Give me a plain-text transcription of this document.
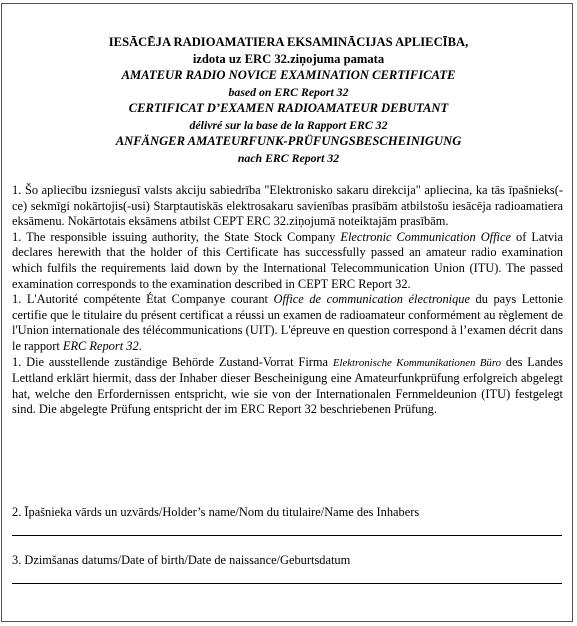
IESĀCĒJA RADIOAMATIERA EKSAMINĀCIJAS APLIECĪBA,
izdota uz ERC 32.ziņojuma pamata
AMATEUR RADIO NOVICE EXAMINATION CERTIFICATE
based on ERC Report 32
CERTIFICAT D’EXAMEN RADIOAMATEUR DEBUTANT
délivré sur la base de la Rapport ERC 32
ANFÄNGER AMATEURFUNK-PRÜFUNGSBESCHEINIGUNG
nach ERC Report 32

1. Šo apliecību izsniegusī valsts akciju sabiedrība "Elektronisko sakaru direkcija" apliecina, ka tās īpašnieks(-ce) sekmīgi nokārtojis(-usi) Starptautiskās elektrosakaru savienības prasībām atbilstošu iesācēja radioamatiera eksāmenu. Nokārtotais eksāmens atbilst CEPT ERC 32.ziņojumā noteiktajām prasībām.

1. The responsible issuing authority, the State Stock Company Electronic Communication Office of Latvia declares herewith that the holder of this Certificate has successfully passed an amateur radio examination which fulfils the requirements laid down by the International Telecommunication Union (ITU). The passed examination corresponds to the examination described in CEPT ERC Report 32.

1. L'Autorité compétente État Companye courant Office de communication électronique du pays Lettonie certifie que le titulaire du présent certificat a réussi un examen de radioamateur conformément au règlement de l'Union internationale des télécommunications (UIT). L'épreuve en question correspond à l’examen décrit dans le rapport ERC Report 32.

1. Die ausstellende zuständige Behörde Zustand-Vorrat Firma Elektronische Kommunikationen Büro des Landes Lettland erklärt hiermit, dass der Inhaber dieser Bescheinigung eine Amateurfunkprüfung erfolgreich abgelegt hat, welche den Erfordernissen entspricht, wie sie von der Internationalen Fernmeldeunion (ITU) festgelegt sind. Die abgelegte Prüfung entspricht der im ERC Report 32 beschriebenen Prüfung.

2. Īpašnieka vārds un uzvārds/Holder’s name/Nom du titulaire/Name des Inhabers
3. Dzimšanas datums/Date of birth/Date de naissance/Geburtsdatum
